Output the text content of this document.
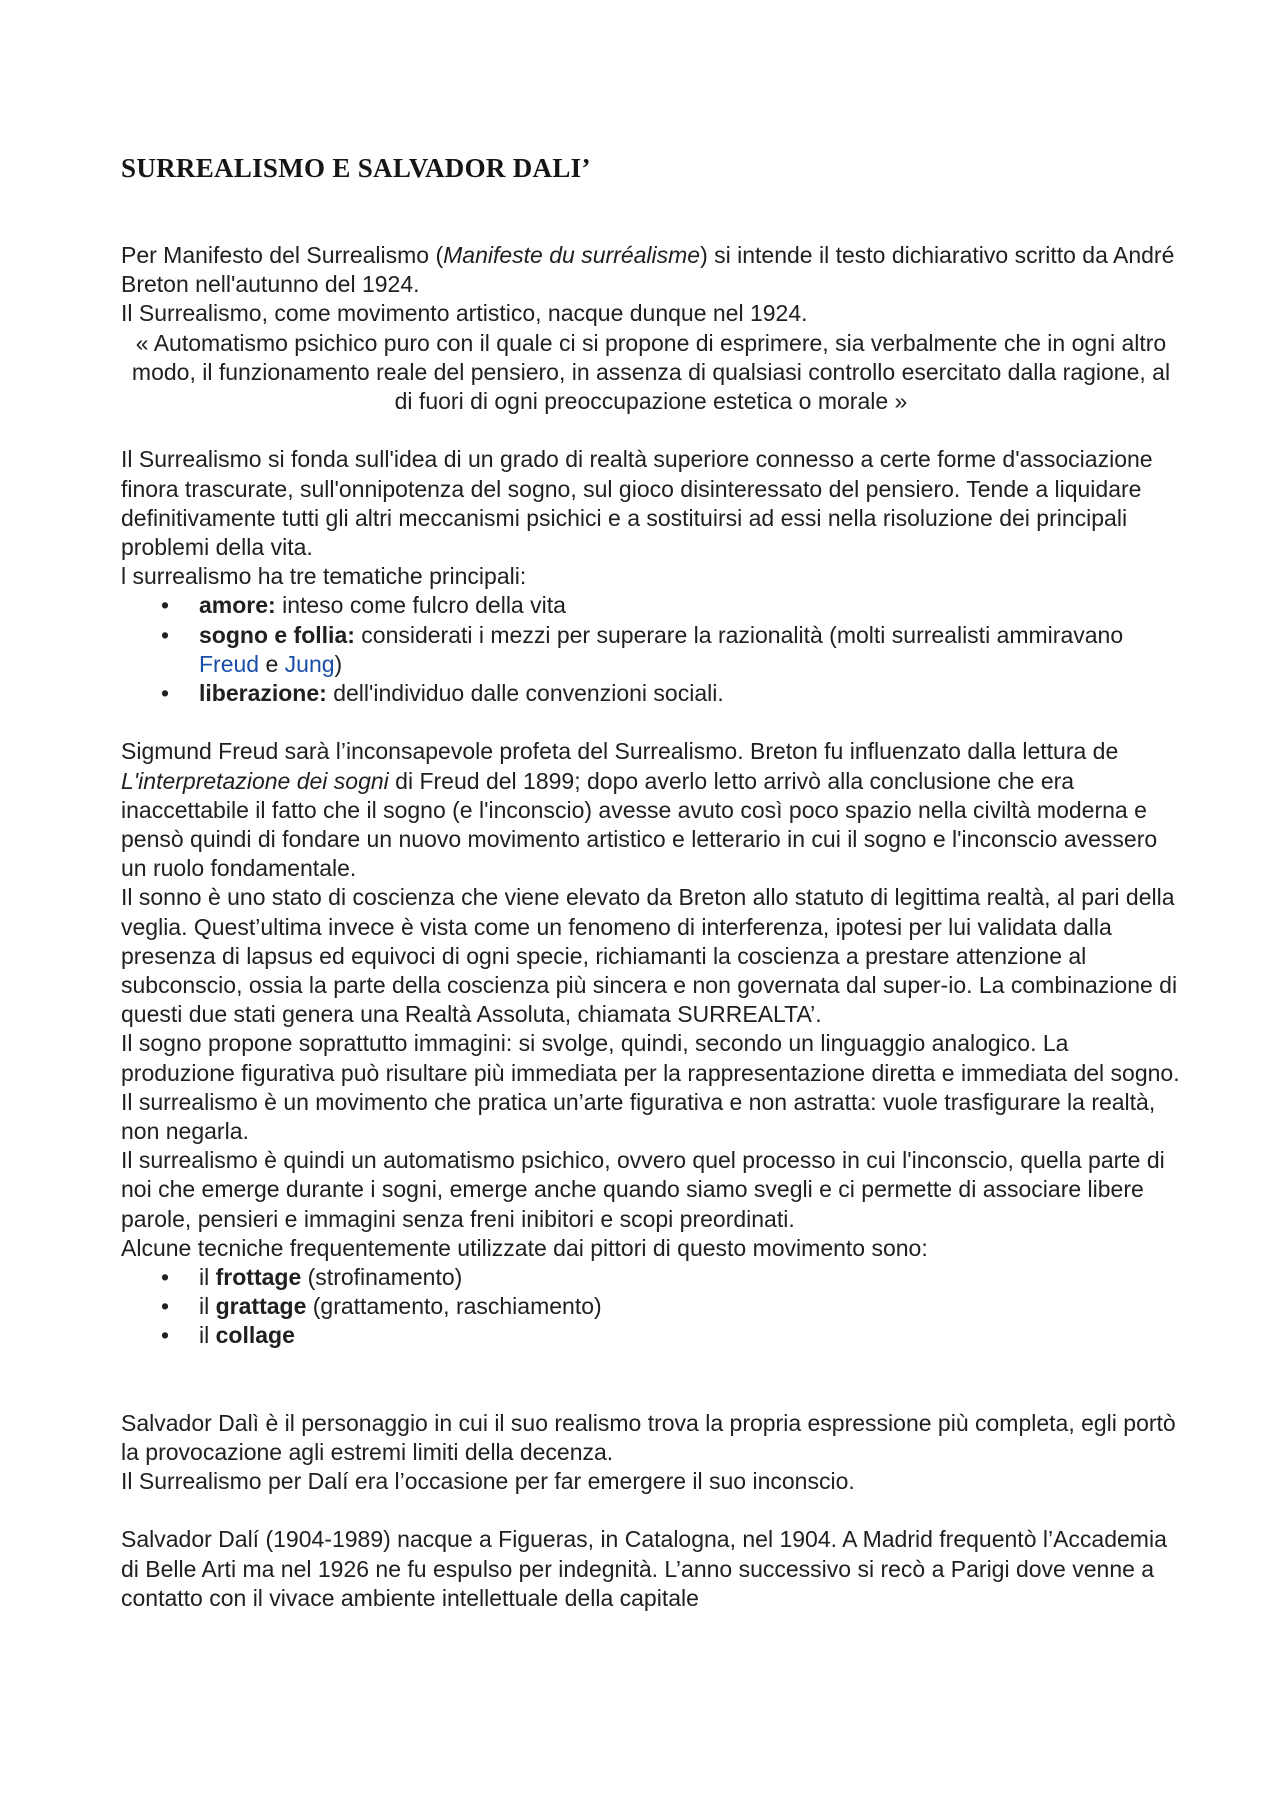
SURREALISMO E SALVADOR DALI’

Per Manifesto del Surrealismo (Manifeste du surréalisme) si intende il testo dichiarativo scritto da André Breton nell'autunno del 1924.

Il Surrealismo, come movimento artistico, nacque dunque nel 1924.

« Automatismo psichico puro con il quale ci si propone di esprimere, sia verbalmente che in ogni altro modo, il funzionamento reale del pensiero, in assenza di qualsiasi controllo esercitato dalla ragione, al di fuori di ogni preoccupazione estetica o morale »

Il Surrealismo si fonda sull'idea di un grado di realtà superiore connesso a certe forme d'associazione finora trascurate, sull'onnipotenza del sogno, sul gioco disinteressato del pensiero. Tende a liquidare definitivamente tutti gli altri meccanismi psichici e a sostituirsi ad essi nella risoluzione dei principali problemi della vita.

l surrealismo ha tre tematiche principali:

• amore: inteso come fulcro della vita
• sogno e follia: considerati i mezzi per superare la razionalità (molti surrealisti ammiravano Freud e Jung)
• liberazione: dell'individuo dalle convenzioni sociali.

Sigmund Freud sarà l’inconsapevole profeta del Surrealismo. Breton fu influenzato dalla lettura de L'interpretazione dei sogni di Freud del 1899; dopo averlo letto arrivò alla conclusione che era inaccettabile il fatto che il sogno (e l'inconscio) avesse avuto così poco spazio nella civiltà moderna e pensò quindi di fondare un nuovo movimento artistico e letterario in cui il sogno e l'inconscio avessero un ruolo fondamentale.

Il sonno è uno stato di coscienza che viene elevato da Breton allo statuto di legittima realtà, al pari della veglia. Quest’ultima invece è vista come un fenomeno di interferenza, ipotesi per lui validata dalla presenza di lapsus ed equivoci di ogni specie, richiamanti la coscienza a prestare attenzione al subconscio, ossia la parte della coscienza più sincera e non governata dal super-io. La combinazione di questi due stati genera una Realtà Assoluta, chiamata SURREALTA’.

Il sogno propone soprattutto immagini: si svolge, quindi, secondo un linguaggio analogico. La produzione figurativa può risultare più immediata per la rappresentazione diretta e immediata del sogno.

Il surrealismo è un movimento che pratica un’arte figurativa e non astratta: vuole trasfigurare la realtà, non negarla.

Il surrealismo è quindi un automatismo psichico, ovvero quel processo in cui l'inconscio, quella parte di noi che emerge durante i sogni, emerge anche quando siamo svegli e ci permette di associare libere parole, pensieri e immagini senza freni inibitori e scopi preordinati.

Alcune tecniche frequentemente utilizzate dai pittori di questo movimento sono:

• il frottage (strofinamento)
• il grattage (grattamento, raschiamento)
• il collage

Salvador Dalì è il personaggio in cui il suo realismo trova la propria espressione più completa, egli portò la provocazione agli estremi limiti della decenza.

Il Surrealismo per Dalí era l’occasione per far emergere il suo inconscio.

Salvador Dalí (1904-1989) nacque a Figueras, in Catalogna, nel 1904. A Madrid frequentò l’Accademia di Belle Arti ma nel 1926 ne fu espulso per indegnità. L’anno successivo si recò a Parigi dove venne a contatto con il vivace ambiente intellettuale della capitale
